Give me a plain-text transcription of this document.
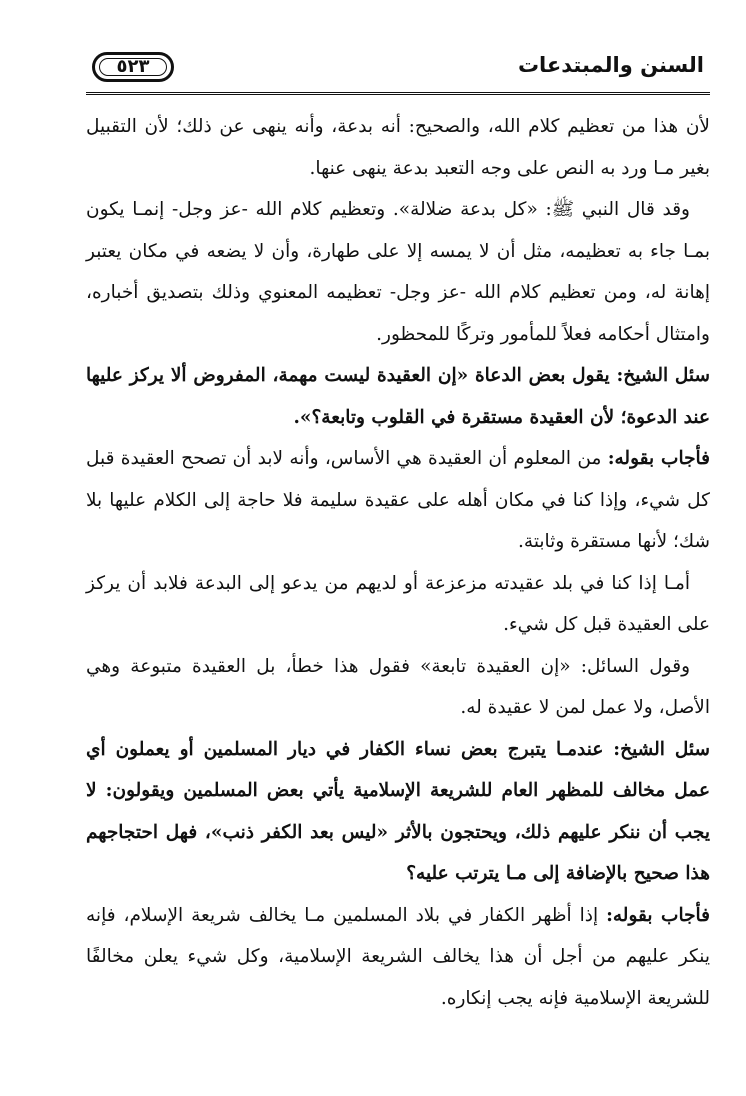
٥٢٣	السنن والمبتدعات

لأن هذا من تعظيم كلام الله، والصحيح: أنه بدعة، وأنه ينهى عن ذلك؛ لأن التقبيل بغير مـا ورد به النص على وجه التعبد بدعة ينهى عنها.

وقد قال النبي ﷺ: «كل بدعة ضلالة». وتعظيم كلام الله -عز وجل- إنمـا يكون بمـا جاء به تعظيمه، مثل أن لا يمسه إلا على طهارة، وأن لا يضعه في مكان يعتبر إهانة له، ومن تعظيم كلام الله -عز وجل- تعظيمه المعنوي وذلك بتصديق أخباره، وامتثال أحكامه فعلاً للمأمور وتركًا للمحظور.

سئل الشيخ: يقول بعض الدعاة «إن العقيدة ليست مهمة، المفروض ألا يركز عليها عند الدعوة؛ لأن العقيدة مستقرة في القلوب وتابعة؟».

فأجاب بقوله: من المعلوم أن العقيدة هي الأساس، وأنه لابد أن تصحح العقيدة قبل كل شيء، وإذا كنا في مكان أهله على عقيدة سليمة فلا حاجة إلى الكلام عليها بلا شك؛ لأنها مستقرة وثابتة.

أمـا إذا كنا في بلد عقيدته مزعزعة أو لديهم من يدعو إلى البدعة فلابد أن يركز على العقيدة قبل كل شيء.

وقول السائل: «إن العقيدة تابعة» فقول هذا خطأ، بل العقيدة متبوعة وهي الأصل، ولا عمل لمن لا عقيدة له.

سئل الشيخ: عندمـا يتبرج بعض نساء الكفار في ديار المسلمين أو يعملون أي عمل مخالف للمظهر العام للشريعة الإسلامية يأتي بعض المسلمين ويقولون: لا يجب أن ننكر عليهم ذلك، ويحتجون بالأثر «ليس بعد الكفر ذنب»، فهل احتجاجهم هذا صحيح بالإضافة إلى مـا يترتب عليه؟

فأجاب بقوله: إذا أظهر الكفار في بلاد المسلمين مـا يخالف شريعة الإسلام، فإنه ينكر عليهم من أجل أن هذا يخالف الشريعة الإسلامية، وكل شيء يعلن مخالفًا للشريعة الإسلامية فإنه يجب إنكاره.
